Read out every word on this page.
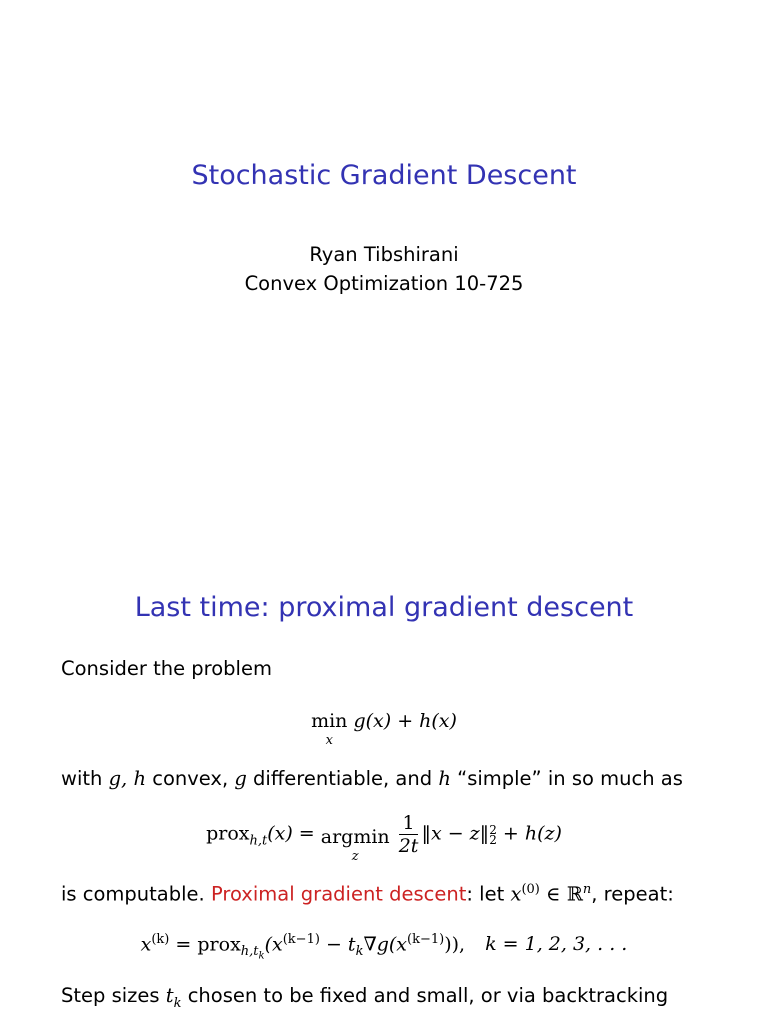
Stochastic Gradient Descent
Ryan Tibshirani
Convex Optimization 10-725
Last time: proximal gradient descent
Consider the problem
min
x
g(x) + h(x)
with g, h convex, g differentiable, and h “simple” in so much as
prox$_{h,t}$(x) = argmin
z
	$\frac{1}{2t}$ ‖x − z‖ 2
2 + h(z)
is computable. Proximal gradient descent: let $x^{(0)}$ ∈ ℝ$^n$, repeat:
$x^{(k)}$ = $prox_{h,t_k}(x^{(k-1)} - t_k\nabla g(x^{(k-1)}))$, k = 1, 2, 3, . . .
Step sizes $t_k$ chosen to be fixed and small, or via backtracking
